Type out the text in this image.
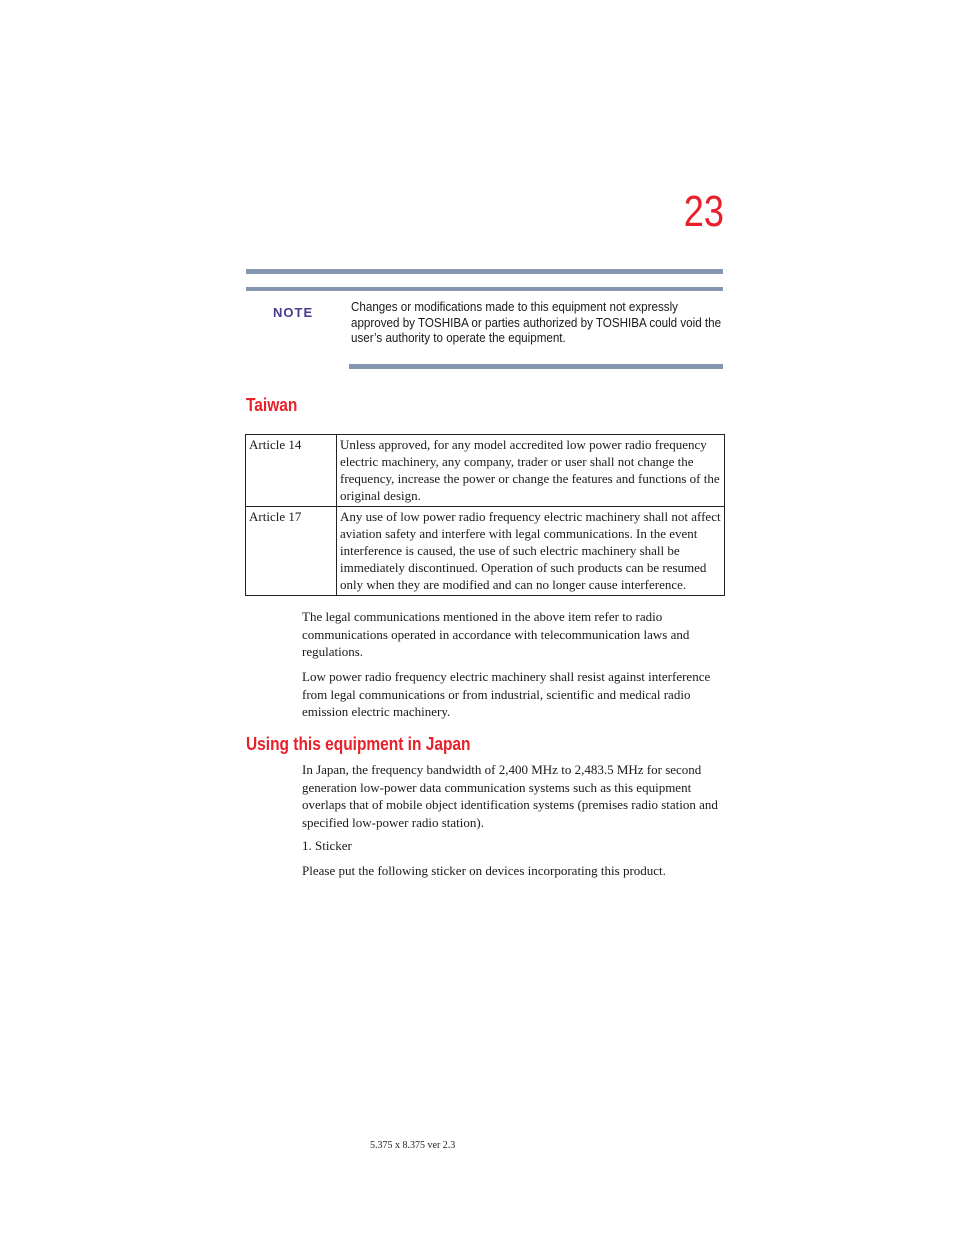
23
NOTE	Changes or modifications made to this equipment not expressly approved by TOSHIBA or parties authorized by TOSHIBA could void the user’s authority to operate the equipment.
Taiwan
Article 14	Unless approved, for any model accredited low power radio frequency electric machinery, any company, trader or user shall not change the frequency, increase the power or change the features and functions of the original design.
Article 17	Any use of low power radio frequency electric machinery shall not affect aviation safety and interfere with legal communications. In the event interference is caused, the use of such electric machinery shall be immediately discontinued. Operation of such products can be resumed only when they are modified and can no longer cause interference.
The legal communications mentioned in the above item refer to radio communications operated in accordance with telecommunication laws and regulations.
Low power radio frequency electric machinery shall resist against interference from legal communications or from industrial, scientific and medical radio emission electric machinery.
Using this equipment in Japan
In Japan, the frequency bandwidth of 2,400 MHz to 2,483.5 MHz for second generation low-power data communication systems such as this equipment overlaps that of mobile object identification systems (premises radio station and specified low-power radio station).
1. Sticker
Please put the following sticker on devices incorporating this product.
5.375 x 8.375 ver 2.3
